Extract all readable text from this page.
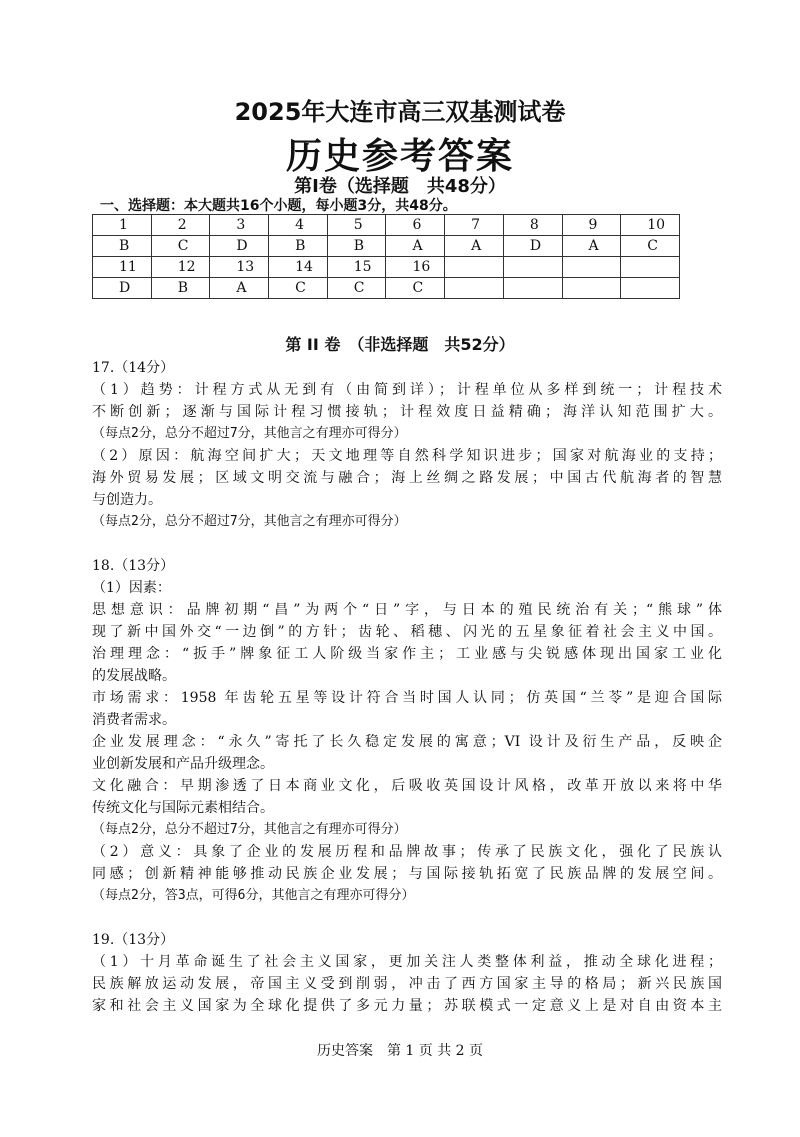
2025年大连市高三双基测试卷
历史参考答案
第Ⅰ卷（选择题　共48分）
一、选择题：本大题共16个小题，每小题3分，共48分。
1	2	3	4	5	6	7	8	9	10
B	C	D	B	B	A	A	D	A	C
11	12	13	14	15	16				
D	B	A	C	C	C				
第 II 卷　（非选择题　共52分）
17.（14分）
（1）趋势：计程方式从无到有（由简到详）；计程单位从多样到统一；计程技术
不断创新；逐渐与国际计程习惯接轨；计程效度日益精确；海洋认知范围扩大。
（每点2分，总分不超过7分，其他言之有理亦可得分）
（2）原因：航海空间扩大；天文地理等自然科学知识进步；国家对航海业的支持；
海外贸易发展；区域文明交流与融合；海上丝绸之路发展；中国古代航海者的智慧
与创造力。
（每点2分，总分不超过7分，其他言之有理亦可得分）
18.（13分）
（1）因素：
思想意识：品牌初期“昌”为两个“日”字，与日本的殖民统治有关；“熊球”体
现了新中国外交“一边倒”的方针；齿轮、稻穗、闪光的五星象征着社会主义中国。
治理理念：“扳手”牌象征工人阶级当家作主；工业感与尖锐感体现出国家工业化
的发展战略。
市场需求：1958 年齿轮五星等设计符合当时国人认同；仿英国“兰苓”是迎合国际
消费者需求。
企业发展理念：“永久”寄托了长久稳定发展的寓意；VI 设计及衍生产品，反映企
业创新发展和产品升级理念。
文化融合：早期渗透了日本商业文化，后吸收英国设计风格，改革开放以来将中华
传统文化与国际元素相结合。
（每点2分，总分不超过7分，其他言之有理亦可得分）
（2）意义：具象了企业的发展历程和品牌故事；传承了民族文化，强化了民族认
同感；创新精神能够推动民族企业发展；与国际接轨拓宽了民族品牌的发展空间。
（每点2分，答3点，可得6分，其他言之有理亦可得分）
19.（13分）
（1）十月革命诞生了社会主义国家，更加关注人类整体利益，推动全球化进程；
民族解放运动发展，帝国主义受到削弱，冲击了西方国家主导的格局；新兴民族国
家和社会主义国家为全球化提供了多元力量；苏联模式一定意义上是对自由资本主
历史答案　第 1 页 共 2 页
